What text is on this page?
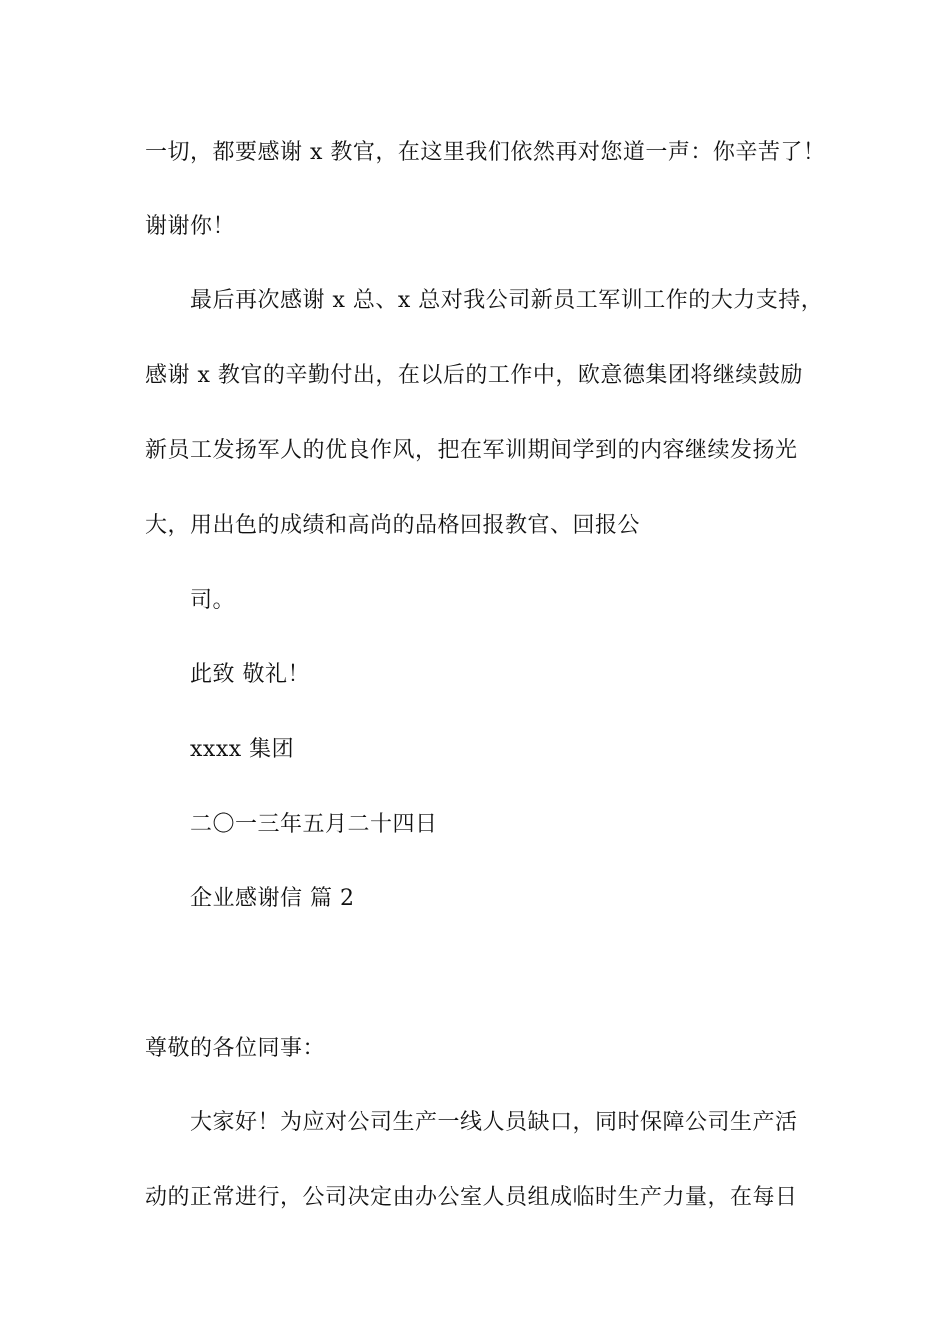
一切，都要感谢 x 教官，在这里我们依然再对您道一声：你辛苦了！
谢谢你！
最后再次感谢 x 总、x 总对我公司新员工军训工作的大力支持，
感谢 x 教官的辛勤付出，在以后的工作中，欧意德集团将继续鼓励
新员工发扬军人的优良作风，把在军训期间学到的内容继续发扬光
大，用出色的成绩和高尚的品格回报教官、回报公
司。
此致 敬礼！
xxxx 集团
二〇一三年五月二十四日
企业感谢信 篇 2
尊敬的各位同事：
大家好！为应对公司生产一线人员缺口，同时保障公司生产活
动的正常进行，公司决定由办公室人员组成临时生产力量，在每日
